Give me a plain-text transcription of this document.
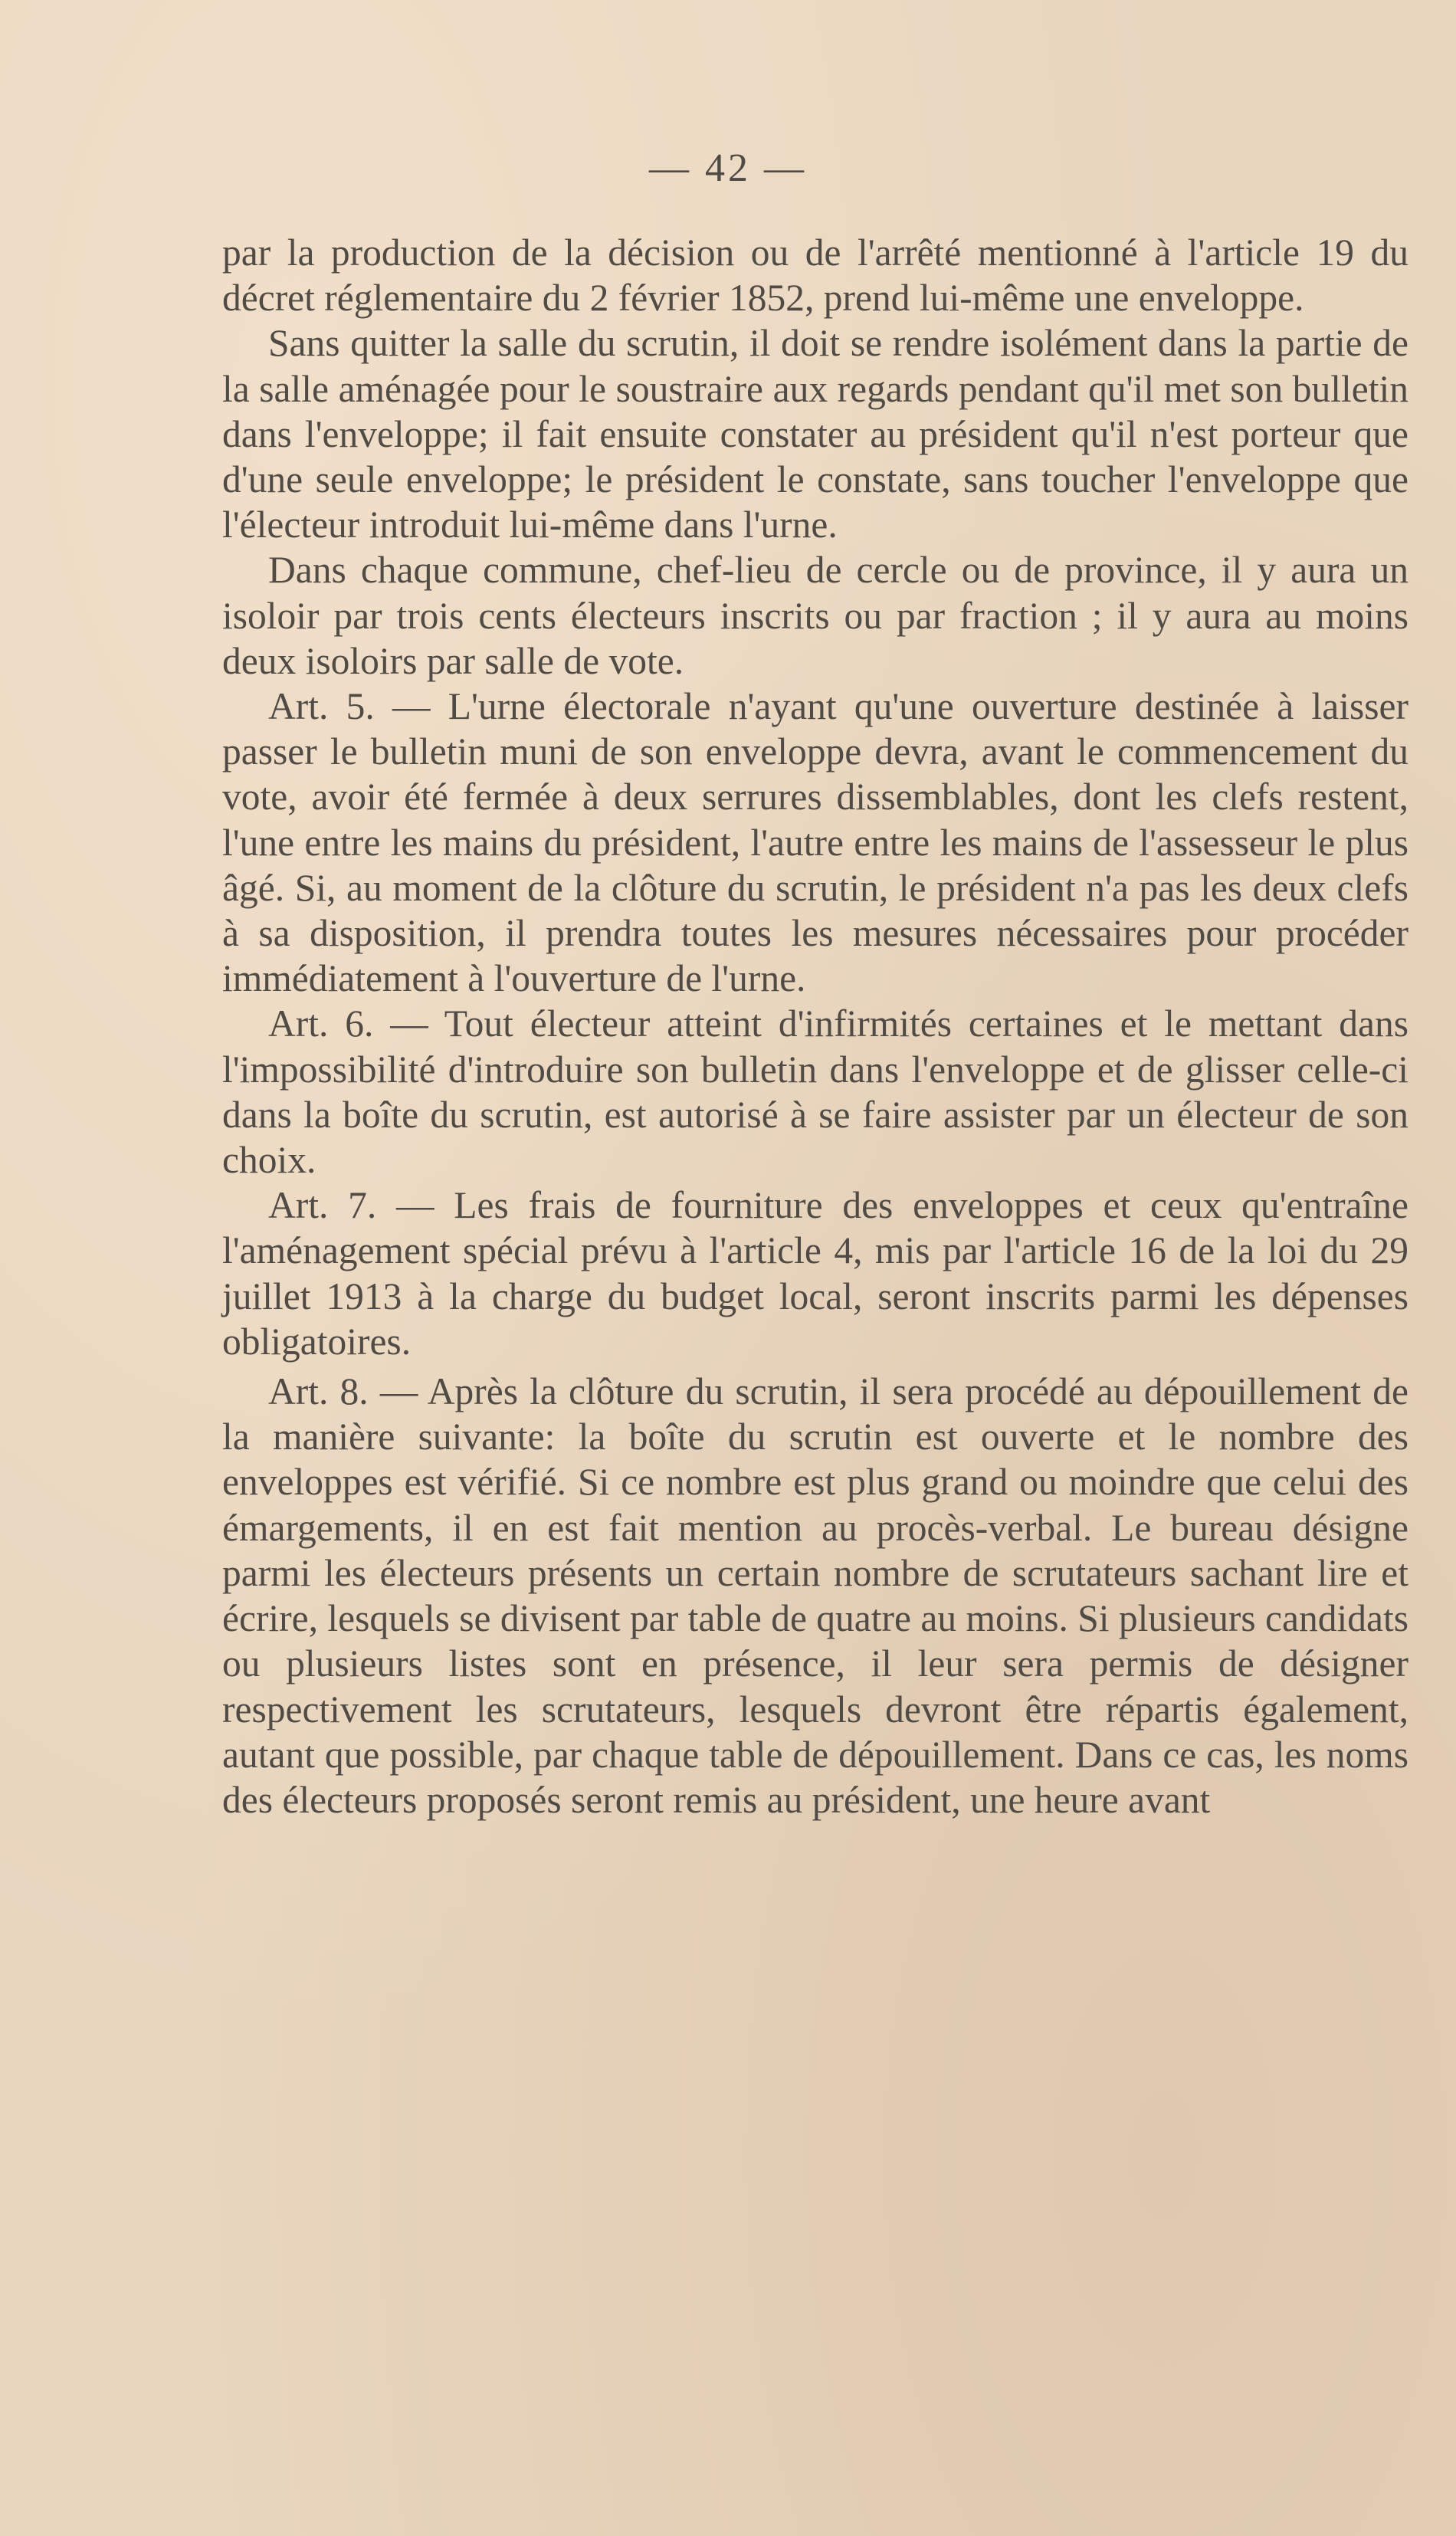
— 42 —

par la production de la décision ou de l'arrêté mentionné à l'article 19 du décret réglementaire du 2 février 1852, prend lui-même une enveloppe.

Sans quitter la salle du scrutin, il doit se rendre isolément dans la partie de la salle aménagée pour le soustraire aux regards pendant qu'il met son bulletin dans l'enveloppe; il fait ensuite constater au président qu'il n'est porteur que d'une seule enveloppe; le président le constate, sans toucher l'enveloppe que l'électeur introduit lui-même dans l'urne.

Dans chaque commune, chef-lieu de cercle ou de province, il y aura un isoloir par trois cents électeurs inscrits ou par fraction ; il y aura au moins deux isoloirs par salle de vote.

Art. 5. — L'urne électorale n'ayant qu'une ouverture destinée à laisser passer le bulletin muni de son enveloppe devra, avant le commencement du vote, avoir été fermée à deux serrures dissemblables, dont les clefs restent, l'une entre les mains du président, l'autre entre les mains de l'assesseur le plus âgé. Si, au moment de la clôture du scrutin, le président n'a pas les deux clefs à sa disposition, il prendra toutes les mesures nécessaires pour procéder immédiatement à l'ouverture de l'urne.

Art. 6. — Tout électeur atteint d'infirmités certaines et le mettant dans l'impossibilité d'introduire son bulletin dans l'enveloppe et de glisser celle-ci dans la boîte du scrutin, est autorisé à se faire assister par un électeur de son choix.

Art. 7. — Les frais de fourniture des enveloppes et ceux qu'entraîne l'aménagement spécial prévu à l'article 4, mis par l'article 16 de la loi du 29 juillet 1913 à la charge du budget local, seront inscrits parmi les dépenses obligatoires.

Art. 8. — Après la clôture du scrutin, il sera procédé au dépouillement de la manière suivante: la boîte du scrutin est ouverte et le nombre des enveloppes est vérifié. Si ce nombre est plus grand ou moindre que celui des émargements, il en est fait mention au procès-verbal. Le bureau désigne parmi les électeurs présents un certain nombre de scrutateurs sachant lire et écrire, lesquels se divisent par table de quatre au moins. Si plusieurs candidats ou plusieurs listes sont en présence, il leur sera permis de désigner respectivement les scrutateurs, lesquels devront être répartis également, autant que possible, par chaque table de dépouillement. Dans ce cas, les noms des électeurs proposés seront remis au président, une heure avant
